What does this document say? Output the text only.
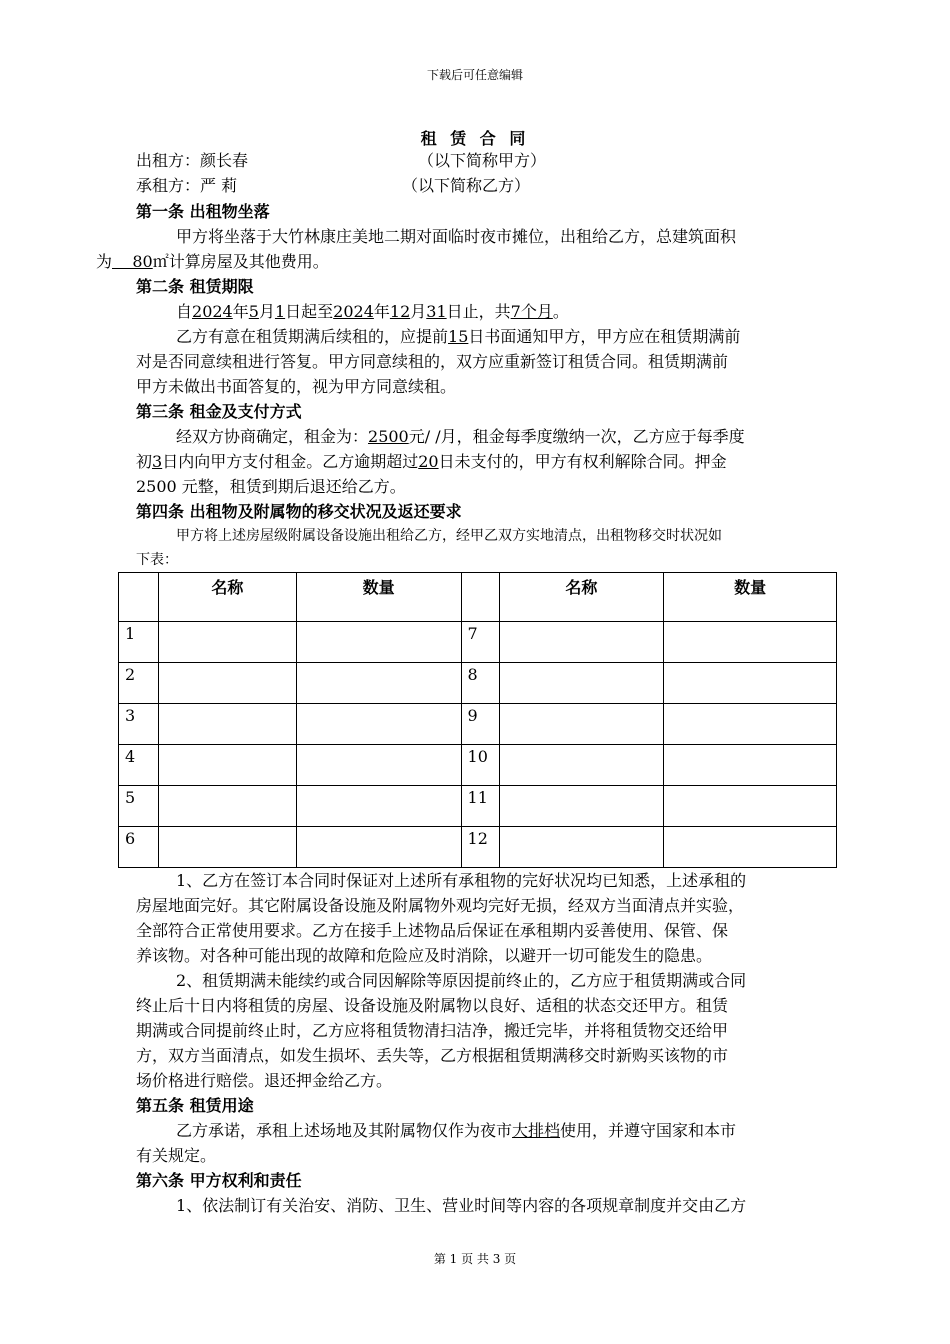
下载后可任意编辑
租 赁 合 同
出租方：颜长春	（以下简称甲方）
承租方：严 莉	（以下简称乙方）
第一条 出租物坐落
甲方将坐落于大竹林康庄美地二期对面临时夜市摊位，出租给乙方，总建筑面积
为    80㎡计算房屋及其他费用。
第二条 租赁期限
自2024年5月1日起至2024年12月31日止，共7个月。
乙方有意在租赁期满后续租的，应提前15日书面通知甲方，甲方应在租赁期满前
对是否同意续租进行答复。甲方同意续租的，双方应重新签订租赁合同。租赁期满前
甲方未做出书面答复的，视为甲方同意续租。
第三条 租金及支付方式
经双方协商确定，租金为：2500元/ /月，租金每季度缴纳一次，乙方应于每季度
初3日内向甲方支付租金。乙方逾期超过20日未支付的，甲方有权利解除合同。押金
2500 元整，租赁到期后退还给乙方。
第四条 出租物及附属物的移交状况及返还要求
甲方将上述房屋级附属设备设施出租给乙方，经甲乙双方实地清点，出租物移交时状况如
下表：
	名称	数量		名称	数量
1			7		
2			8		
3			9		
4			10		
5			11		
6			12		
1、乙方在签订本合同时保证对上述所有承租物的完好状况均已知悉，上述承租的
房屋地面完好。其它附属设备设施及附属物外观均完好无损，经双方当面清点并实验，
全部符合正常使用要求。乙方在接手上述物品后保证在承租期内妥善使用、保管、保
养该物。对各种可能出现的故障和危险应及时消除，以避开一切可能发生的隐患。
2、租赁期满未能续约或合同因解除等原因提前终止的，乙方应于租赁期满或合同
终止后十日内将租赁的房屋、设备设施及附属物以良好、适租的状态交还甲方。租赁
期满或合同提前终止时，乙方应将租赁物清扫洁净，搬迁完毕，并将租赁物交还给甲
方，双方当面清点，如发生损坏、丢失等，乙方根据租赁期满移交时新购买该物的市
场价格进行赔偿。退还押金给乙方。
第五条 租赁用途
乙方承诺，承租上述场地及其附属物仅作为夜市大排档使用，并遵守国家和本市
有关规定。
第六条 甲方权利和责任
1、依法制订有关治安、消防、卫生、营业时间等内容的各项规章制度并交由乙方
第 1 页 共 3 页
